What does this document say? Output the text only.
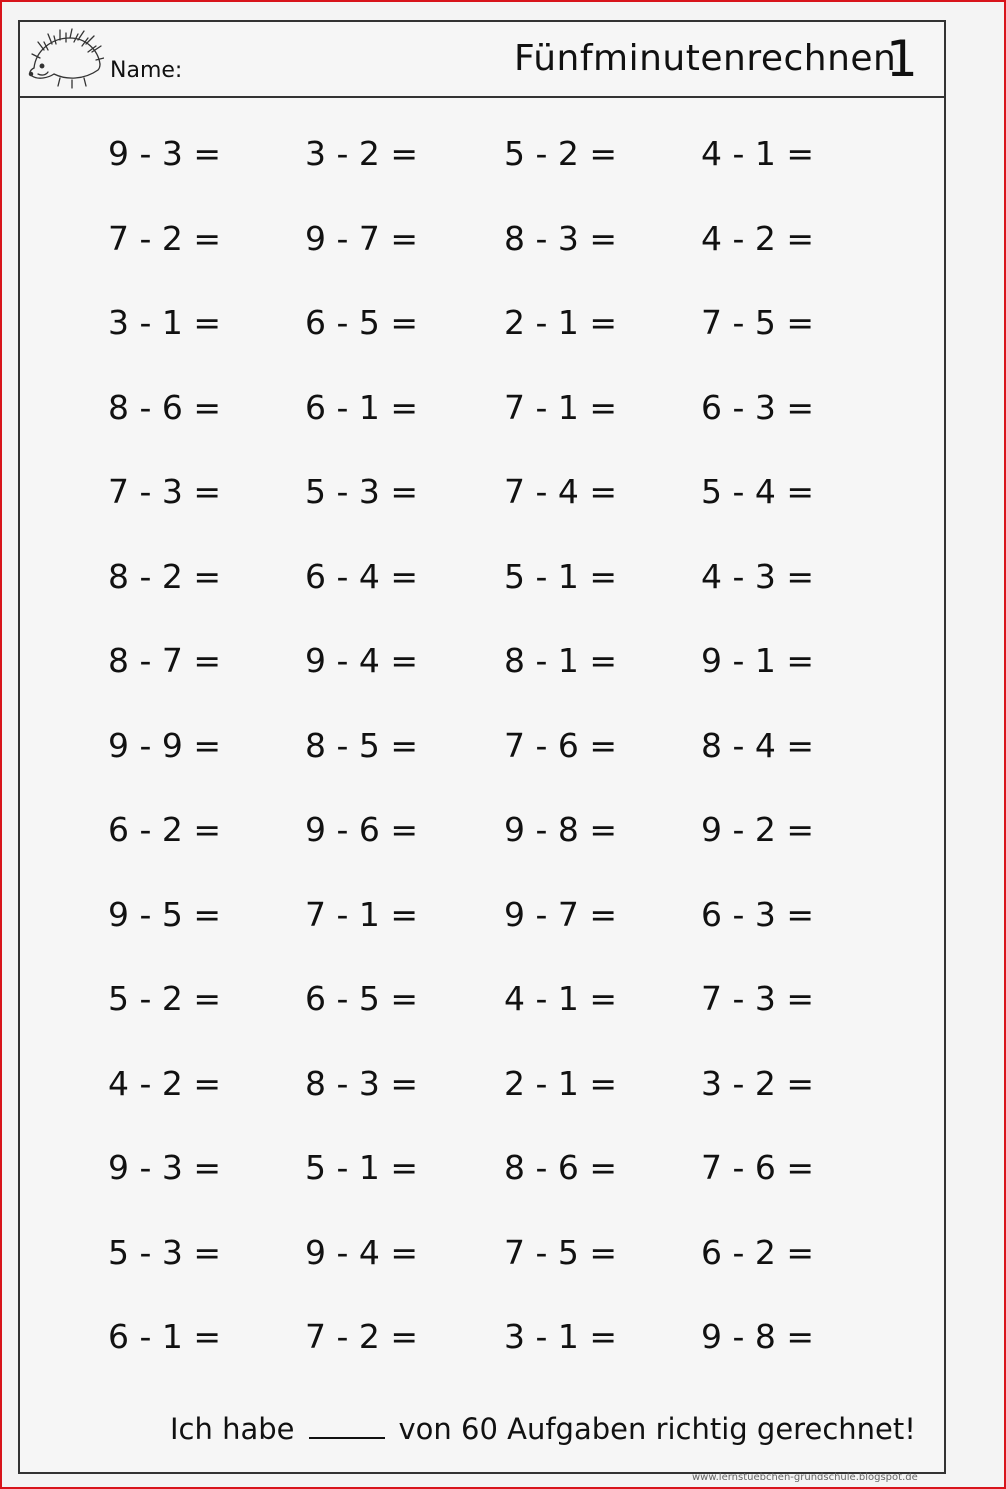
Name:	Fünfminutenrechnen
1
9 - 3 =	3 - 2 =	5 - 2 =	4 - 1 =
7 - 2 =	9 - 7 =	8 - 3 =	4 - 2 =
3 - 1 =	6 - 5 =	2 - 1 =	7 - 5 =
8 - 6 =	6 - 1 =	7 - 1 =	6 - 3 =
7 - 3 =	5 - 3 =	7 - 4 =	5 - 4 =
8 - 2 =	6 - 4 =	5 - 1 =	4 - 3 =
8 - 7 =	9 - 4 =	8 - 1 =	9 - 1 =
9 - 9 =	8 - 5 =	7 - 6 =	8 - 4 =
6 - 2 =	9 - 6 =	9 - 8 =	9 - 2 =
9 - 5 =	7 - 1 =	9 - 7 =	6 - 3 =
5 - 2 =	6 - 5 =	4 - 1 =	7 - 3 =
4 - 2 =	8 - 3 =	2 - 1 =	3 - 2 =
9 - 3 =	5 - 1 =	8 - 6 =	7 - 6 =
5 - 3 =	9 - 4 =	7 - 5 =	6 - 2 =
6 - 1 =	7 - 2 =	3 - 1 =	9 - 8 =
Ich habe	von 60 Aufgaben richtig gerechnet!
www.lernstuebchen-grundschule.blogspot.de
